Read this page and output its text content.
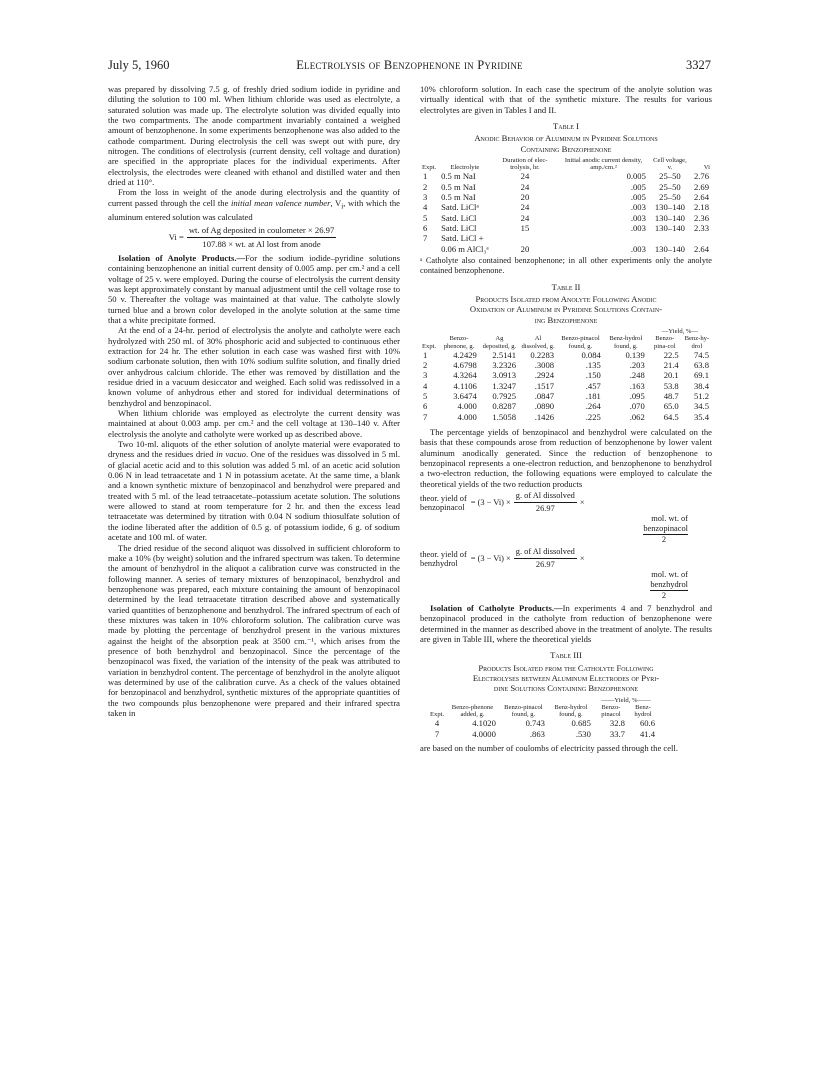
July 5, 1960	Electrolysis of Benzophenone in Pyridine	3327

was prepared by dissolving 7.5 g. of freshly dried sodium iodide in pyridine and diluting the solution to 100 ml. When lithium chloride was used as electrolyte, a saturated solution was made up. The electrolyte solution was divided equally into the two compartments. The anode compartment invariably contained a weighed amount of benzophenone. In some experiments benzophenone was also added to the cathode compartment. During electrolysis the cell was swept out with pure, dry nitrogen. The conditions of electrolysis (current density, cell voltage and duration) are specified in the appropriate places for the individual experiments. After electrolysis, the electrodes were cleaned with ethanol and distilled water and then dried at 110°.

From the loss in weight of the anode during electrolysis and the quantity of current passed through the cell the initial mean valence number, $V_i$, with which the aluminum entered solution was calculated

$Vi = \frac{\text{wt. of Ag deposited in coulometer × 26.97}}{\text{107.88 × wt. at Al lost from anode}}$

Isolation of Anolyte Products.—For the sodium iodide–pyridine solutions containing benzophenone an initial current density of 0.005 amp. per cm.² and a cell voltage of 25 v. were employed. During the course of electrolysis the current density was kept approximately constant by manual adjustment until the cell voltage rose to 50 v. Thereafter the voltage was maintained at that value. The catholyte slowly turned blue and a brown color developed in the anolyte solution at the same time that a white precipitate formed.

At the end of a 24-hr. period of electrolysis the anolyte and catholyte were each hydrolyzed with 250 ml. of 30% phosphoric acid and subjected to continuous ether extraction for 24 hr. The ether solution in each case was washed first with 10% sodium carbonate solution, then with 10% sodium sulfite solution, and finally dried over anhydrous calcium chloride. The ether was removed by distillation and the residue dried in a vacuum desiccator and weighed. Each solid was redissolved in a known volume of anhydrous ether and stored for individual determinations of benzhydrol and benzopinacol.

When lithium chloride was employed as electrolyte the current density was maintained at about 0.003 amp. per cm.² and the cell voltage at 130–140 v. After electrolysis the anolyte and catholyte were worked up as described above.

Two 10-ml. aliquots of the ether solution of anolyte material were evaporated to dryness and the residues dried in vacuo. One of the residues was dissolved in 5 ml. of glacial acetic acid and to this solution was added 5 ml. of an acetic acid solution 0.06 N in lead tetraacetate and 1 N in potassium acetate. At the same time, a blank and a known synthetic mixture of benzopinacol and benzhydrol were prepared and treated with 5 ml. of the lead tetraacetate–potassium acetate solution. The solutions were allowed to stand at room temperature for 2 hr. and then the excess lead tetraacetate was determined by titration with 0.04 N sodium thiosulfate solution of the iodine liberated after the addition of 0.5 g. of potassium iodide, 6 g. of sodium acetate and 100 ml. of water.

The dried residue of the second aliquot was dissolved in sufficient chloroform to make a 10% (by weight) solution and the infrared spectrum was taken. To determine the amount of benzhydrol in the aliquot a calibration curve was constructed in the following manner. A series of ternary mixtures of benzopinacol, benzhydrol and benzophenone was prepared, each mixture containing the amount of benzopinacol determined by the lead tetraacetate titration described above and systematically varied quantities of benzophenone and benzhydrol. The infrared spectrum of each of these mixtures was taken in 10% chloroform solution. The calibration curve was made by plotting the percentage of benzhydrol present in the various mixtures against the height of the absorption peak at 3500 cm.⁻¹, which arises from the presence of both benzhydrol and benzopinacol. Since the percentage of the benzopinacol was fixed, the variation of the intensity of the peak was attributed to variation in benzhydrol content. The percentage of benzhydrol in the anolyte aliquot was determined by use of the calibration curve. As a check of the values obtained for benzopinacol and benzhydrol, synthetic mixtures of the appropriate quantities of the two compounds plus benzophenone were prepared and their infrared spectra taken in

10% chloroform solution. In each case the spectrum of the anolyte solution was virtually identical with that of the synthetic mixture. The results for various electrolytes are given in Tables I and II.

Table I
Anodic Behavior of Aluminum in Pyridine Solutions
Containing Benzophenone
Expt.	Electrolyte	Duration of elec-trolysis, hr.	Initial anodic current density, amp./cm.²	Cell voltage, v.	Vi
1	0.5 m NaI	24	0.005	25–50	2.76
2	0.5 m NaI	24	.005	25–50	2.69
3	0.5 m NaI	20	.005	25–50	2.64
4	Satd. LiClᵃ	24	.003	130–140	2.18
5	Satd. LiCl	24	.003	130–140	2.36
6	Satd. LiCl	15	.003	130–140	2.33
7	Satd. LiCl +				
	0.06 m AlCl₃ᵃ	20	.003	130–140	2.64
ᵃ Catholyte also contained benzophenone; in all other experiments only the anolyte contained benzophenone.
Table II
Products Isolated from Anolyte Following Anodic
Oxidation of Aluminum in Pyridine Solutions Contain-
ing Benzophenone
						—Yield, %—	
Expt.	Benzo-phenone, g.	Ag deposited, g.	Al dissolved, g.	Benzo-pinacol found, g.	Benz-hydrol found, g.	Benzo-pina-col	Benz-hy-drol
1	4.2429	2.5141	0.2283	0.084	0.139	22.5	74.5
2	4.6798	3.2326	.3008	.135	.203	21.4	63.8
3	4.3264	3.0913	.2924	.150	.248	20.1	69.1
4	4.1106	1.3247	.1517	.457	.163	53.8	38.4
5	3.6474	0.7925	.0847	.181	.095	48.7	51.2
6	4.000	0.8287	.0890	.264	.070	65.0	34.5
7	4.000	1.5058	.1426	.225	.062	64.5	35.4

The percentage yields of benzopinacol and benzhydrol were calculated on the basis that these compounds arose from reduction of benzophenone by lower valent aluminum anodically generated. Since the reduction of benzophenone to benzopinacol represents a one-electron reduction, and benzophenone to benzhydrol a two-electron reduction, the following equations were employed to calculate the theoretical yields of the two reduction products

theor. yield of
benzopinacol
= $(3 - Vi) \times \frac{\text{g. of Al dissolved}}{26.97}$ ×
mol. wt. of
benzopinacol
2
theor. yield of
benzhydrol
= $(3 - Vi) \times \frac{\text{g. of Al dissolved}}{26.97}$ ×
mol. wt. of
benzhydrol
2

Isolation of Catholyte Products.—In experiments 4 and 7 benzhydrol and benzopinacol produced in the catholyte from reduction of benzophenone were determined in the manner as described above in the treatment of anolyte. The results are given in Table III, where the theoretical yields

Table III
Products Isolated from the Catholyte Following
Electrolyses between Aluminum Electrodes of Pyri-
dine Solutions Containing Benzophenone
				——Yield, %——	
Expt.	Benzo-phenone added, g.	Benzo-pinacol found, g.	Benz-hydrol found, g.	Benzo-pinacol	Benz-hydrol
4	4.1020	0.743	0.685	32.8	60.6
7	4.0000	.863	.530	33.7	41.4

are based on the number of coulombs of electricity passed through the cell.
